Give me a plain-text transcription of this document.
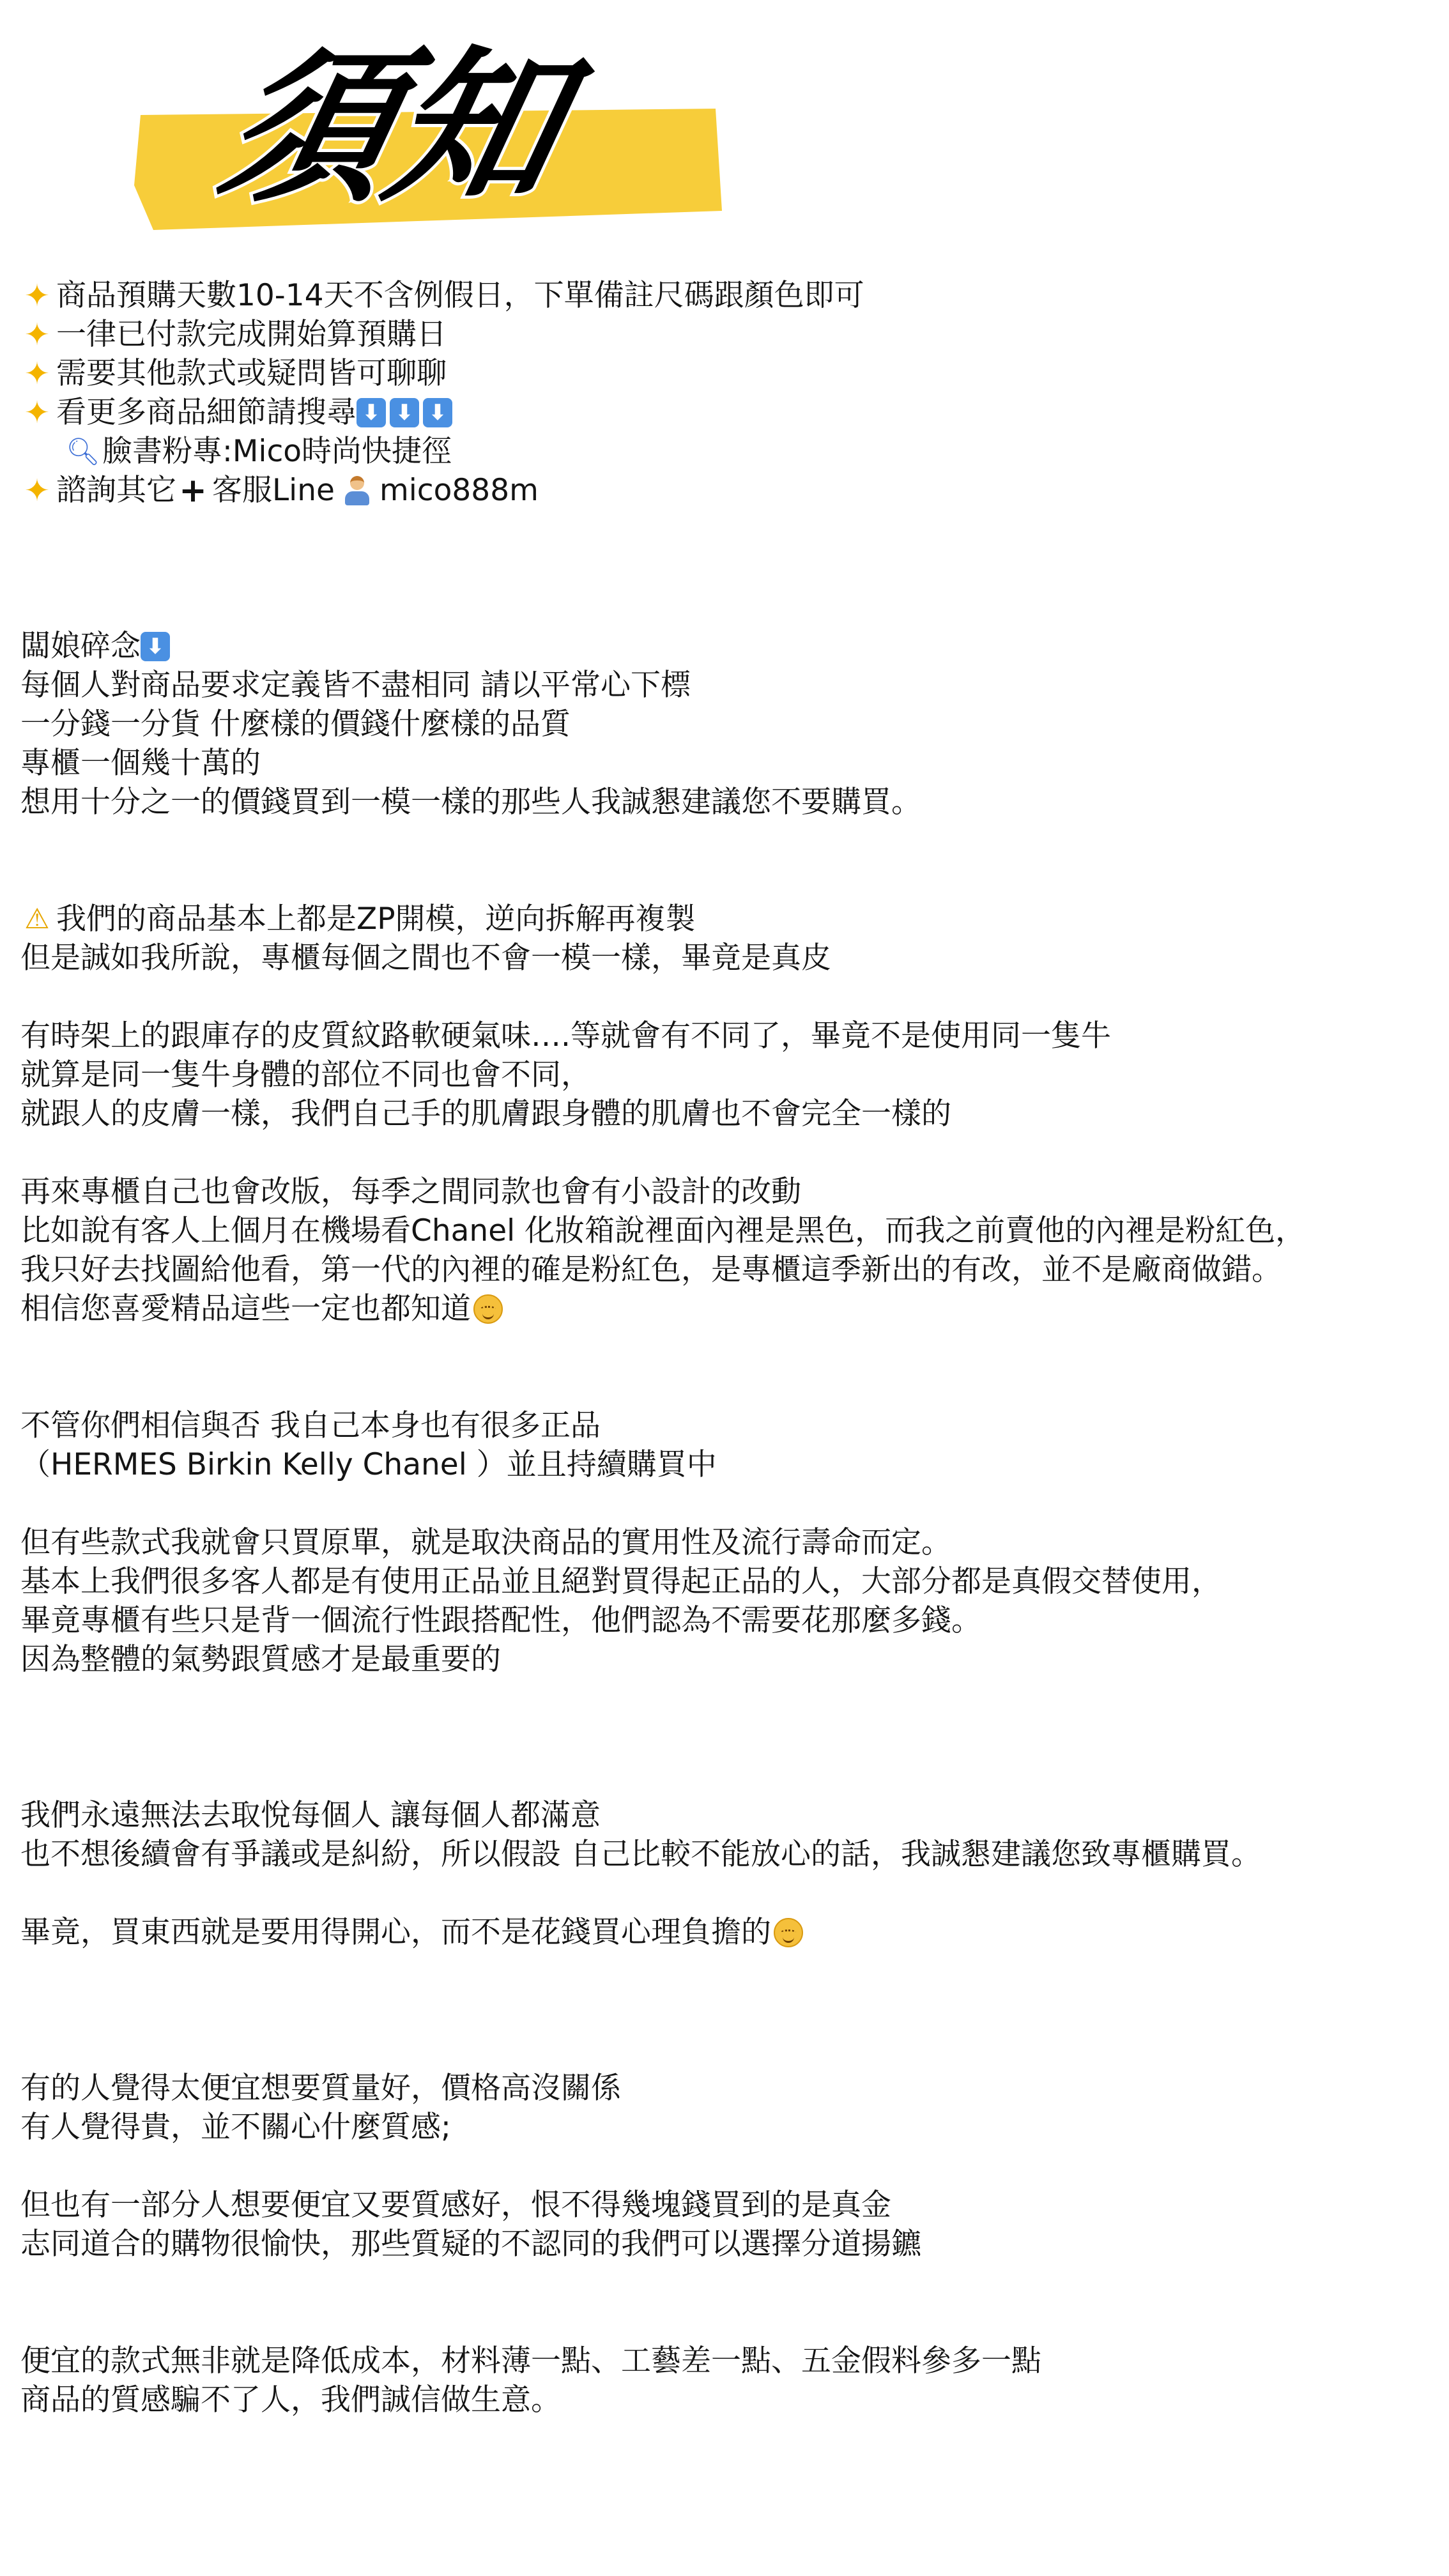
須知
✦ 商品預購天數10-14天不含例假日，下單備註尺碼跟顏色即可
✦ 一律已付款完成開始算預購日
✦ 需要其他款式或疑問皆可聊聊
✦ 看更多商品細節請搜尋 ⬇ ⬇ ⬇
🔍︎ 臉書粉專:Mico時尚快捷徑
✦ 諮詢其它 + 客服Line mico888m
闆娘碎念 ⬇
每個人對商品要求定義皆不盡相同 請以平常心下標
一分錢一分貨 什麼樣的價錢什麼樣的品質
專櫃一個幾十萬的
想用十分之一的價錢買到一模一樣的那些人我誠懇建議您不要購買。
⚠ 我們的商品基本上都是ZP開模，逆向拆解再複製
但是誠如我所說，專櫃每個之間也不會一模一樣，畢竟是真皮
有時架上的跟庫存的皮質紋路軟硬氣味….等就會有不同了，畢竟不是使用同一隻牛
就算是同一隻牛身體的部位不同也會不同，
就跟人的皮膚一樣，我們自己手的肌膚跟身體的肌膚也不會完全一樣的
再來專櫃自己也會改版，每季之間同款也會有小設計的改動
比如說有客人上個月在機場看Chanel 化妝箱說裡面內裡是黑色，而我之前賣他的內裡是粉紅色，
我只好去找圖給他看，第一代的內裡的確是粉紅色，是專櫃這季新出的有改，並不是廠商做錯。
相信您喜愛精品這些一定也都知道
不管你們相信與否 我自己本身也有很多正品
（HERMES Birkin Kelly Chanel ）並且持續購買中
但有些款式我就會只買原單，就是取決商品的實用性及流行壽命而定。
基本上我們很多客人都是有使用正品並且絕對買得起正品的人，大部分都是真假交替使用，
畢竟專櫃有些只是背一個流行性跟搭配性，他們認為不需要花那麼多錢。
因為整體的氣勢跟質感才是最重要的
我們永遠無法去取悅每個人 讓每個人都滿意
也不想後續會有爭議或是糾紛，所以假設 自己比較不能放心的話，我誠懇建議您致專櫃購買。
畢竟，買東西就是要用得開心，而不是花錢買心理負擔的
有的人覺得太便宜想要質量好，價格高沒關係
有人覺得貴，並不關心什麼質感;
但也有一部分人想要便宜又要質感好，恨不得幾塊錢買到的是真金
志同道合的購物很愉快，那些質疑的不認同的我們可以選擇分道揚鑣
便宜的款式無非就是降低成本，材料薄一點、工藝差一點、五金假料參多一點
商品的質感騙不了人，我們誠信做生意。
